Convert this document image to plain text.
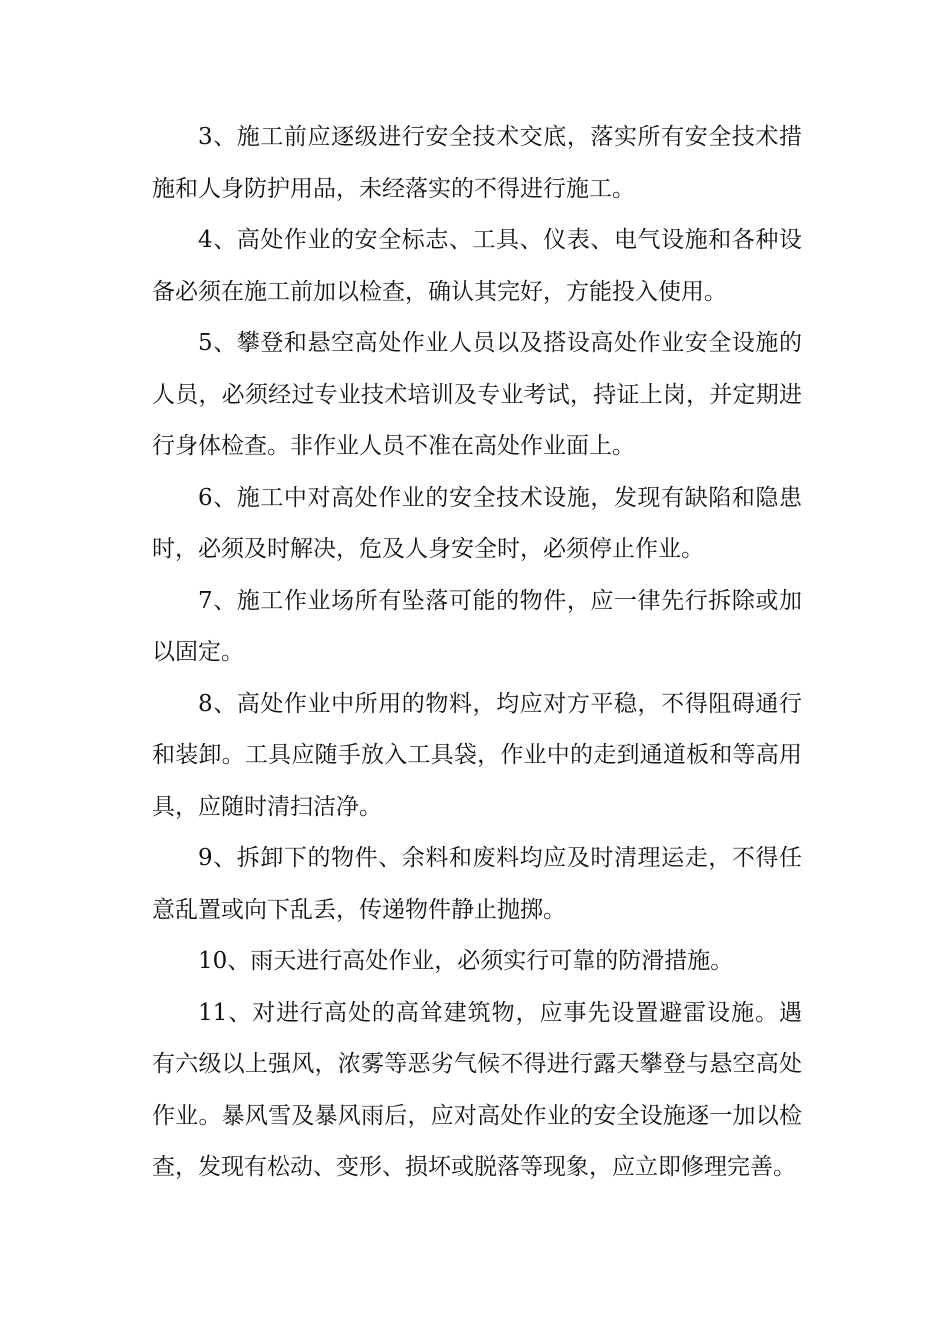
3、施工前应逐级进行安全技术交底，落实所有安全技术措施和人身防护用品，未经落实的不得进行施工。

4、高处作业的安全标志、工具、仪表、电气设施和各种设备必须在施工前加以检查，确认其完好，方能投入使用。

5、攀登和悬空高处作业人员以及搭设高处作业安全设施的人员，必须经过专业技术培训及专业考试，持证上岗，并定期进行身体检查。非作业人员不准在高处作业面上。

6、施工中对高处作业的安全技术设施，发现有缺陷和隐患时，必须及时解决，危及人身安全时，必须停止作业。

7、施工作业场所有坠落可能的物件，应一律先行拆除或加以固定。

8、高处作业中所用的物料，均应对方平稳，不得阻碍通行和装卸。工具应随手放入工具袋，作业中的走到通道板和等高用具，应随时清扫洁净。

9、拆卸下的物件、余料和废料均应及时清理运走，不得任意乱置或向下乱丢，传递物件静止抛掷。

10、雨天进行高处作业，必须实行可靠的防滑措施。

11、对进行高处的高耸建筑物，应事先设置避雷设施。遇有六级以上强风，浓雾等恶劣气候不得进行露天攀登与悬空高处作业。暴风雪及暴风雨后，应对高处作业的安全设施逐一加以检查，发现有松动、变形、损坏或脱落等现象，应立即修理完善。
